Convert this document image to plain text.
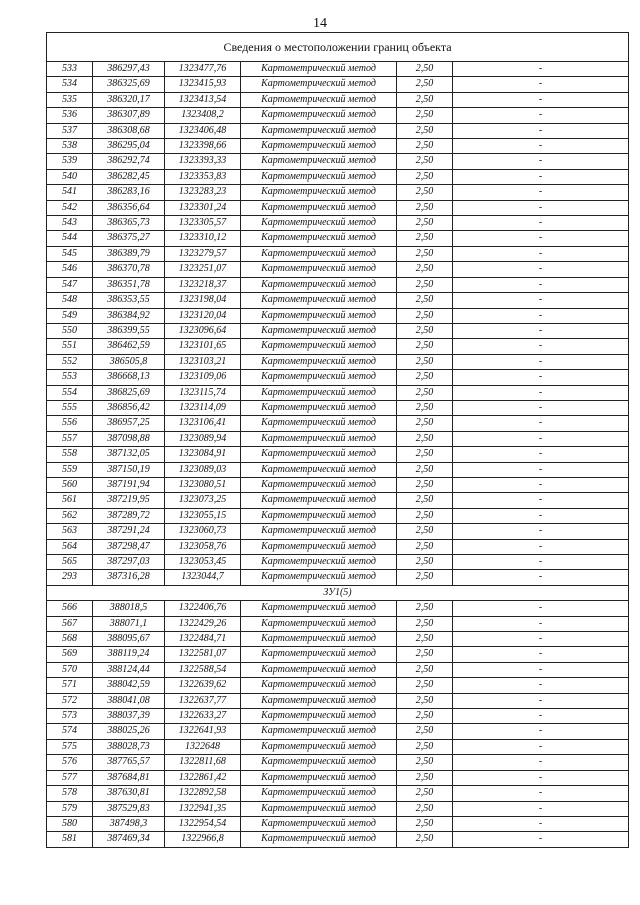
14
Сведения о местоположении границ объекта					
533	386297,43	1323477,76	Картометрический метод	2,50	-
534	386325,69	1323415,93	Картометрический метод	2,50	-
535	386320,17	1323413,54	Картометрический метод	2,50	-
536	386307,89	1323408,2	Картометрический метод	2,50	-
537	386308,68	1323406,48	Картометрический метод	2,50	-
538	386295,04	1323398,66	Картометрический метод	2,50	-
539	386292,74	1323393,33	Картометрический метод	2,50	-
540	386282,45	1323353,83	Картометрический метод	2,50	-
541	386283,16	1323283,23	Картометрический метод	2,50	-
542	386356,64	1323301,24	Картометрический метод	2,50	-
543	386365,73	1323305,57	Картометрический метод	2,50	-
544	386375,27	1323310,12	Картометрический метод	2,50	-
545	386389,79	1323279,57	Картометрический метод	2,50	-
546	386370,78	1323251,07	Картометрический метод	2,50	-
547	386351,78	1323218,37	Картометрический метод	2,50	-
548	386353,55	1323198,04	Картометрический метод	2,50	-
549	386384,92	1323120,04	Картометрический метод	2,50	-
550	386399,55	1323096,64	Картометрический метод	2,50	-
551	386462,59	1323101,65	Картометрический метод	2,50	-
552	386505,8	1323103,21	Картометрический метод	2,50	-
553	386668,13	1323109,06	Картометрический метод	2,50	-
554	386825,69	1323115,74	Картометрический метод	2,50	-
555	386856,42	1323114,09	Картометрический метод	2,50	-
556	386957,25	1323106,41	Картометрический метод	2,50	-
557	387098,88	1323089,94	Картометрический метод	2,50	-
558	387132,05	1323084,91	Картометрический метод	2,50	-
559	387150,19	1323089,03	Картометрический метод	2,50	-
560	387191,94	1323080,51	Картометрический метод	2,50	-
561	387219,95	1323073,25	Картометрический метод	2,50	-
562	387289,72	1323055,15	Картометрический метод	2,50	-
563	387291,24	1323060,73	Картометрический метод	2,50	-
564	387298,47	1323058,76	Картометрический метод	2,50	-
565	387297,03	1323053,45	Картометрический метод	2,50	-
293	387316,28	1323044,7	Картометрический метод	2,50	-
ЗУ1(5)					
566	388018,5	1322406,76	Картометрический метод	2,50	-
567	388071,1	1322429,26	Картометрический метод	2,50	-
568	388095,67	1322484,71	Картометрический метод	2,50	-
569	388119,24	1322581,07	Картометрический метод	2,50	-
570	388124,44	1322588,54	Картометрический метод	2,50	-
571	388042,59	1322639,62	Картометрический метод	2,50	-
572	388041,08	1322637,77	Картометрический метод	2,50	-
573	388037,39	1322633,27	Картометрический метод	2,50	-
574	388025,26	1322641,93	Картометрический метод	2,50	-
575	388028,73	1322648	Картометрический метод	2,50	-
576	387765,57	1322811,68	Картометрический метод	2,50	-
577	387684,81	1322861,42	Картометрический метод	2,50	-
578	387630,81	1322892,58	Картометрический метод	2,50	-
579	387529,83	1322941,35	Картометрический метод	2,50	-
580	387498,3	1322954,54	Картометрический метод	2,50	-
581	387469,34	1322966,8	Картометрический метод	2,50	-
